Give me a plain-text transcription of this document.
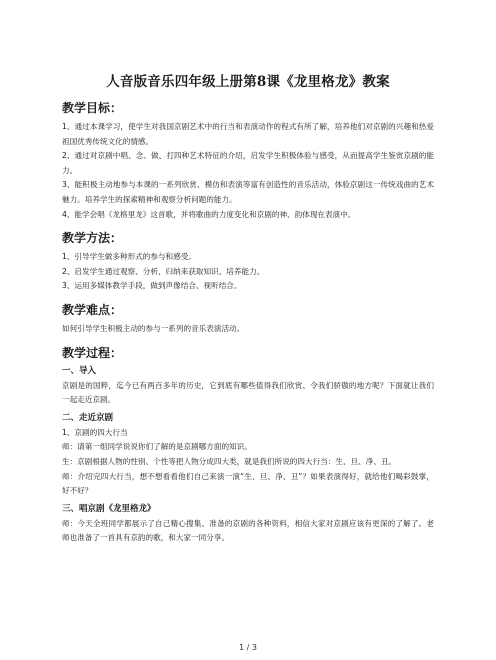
人音版音乐四年级上册第8课《龙里格龙》教案
教学目标：

1、通过本课学习，使学生对我国京剧艺术中的行当和表演动作的程式有所了解，培养他们对京剧的兴趣和热爱祖国优秀传统文化的情感。

2、通过对京剧中唱、念、做、打四种艺术特征的介绍，启发学生积极体验与感受，从而提高学生鉴赏京剧的能力。

3、能积极主动地参与本课的一系列欣赏、模仿和表演等富有创造性的音乐活动，体验京剧这一传统戏曲的艺术魅力。培养学生的探索精神和观察分析问题的能力。

4、能学会唱《龙格里龙》这首歌，并将歌曲的力度变化和京剧的神、韵体现在表演中。

教学方法：

1、引导学生做多种形式的参与和感受。

2、启发学生通过观察、分析、归纳来获取知识、培养能力。

3、运用多媒体教学手段，做到声像结合、视听结合。

教学难点：

如何引导学生积极主动的参与一系列的音乐表演活动。

教学过程：
一、导入

京剧是的国粹，迄今已有两百多年的历史，它到底有哪些值得我们欣赏、令我们骄傲的地方呢？下面就让我们一起走近京剧。

二、走近京剧

1、京剧的四大行当

师：请第一组同学说说你们了解的是京剧哪方面的知识。

生：京剧根据人物的性别、个性等把人物分成四大类，就是我们所说的四大行当：生、旦、净、丑。

师：介绍完四大行当，想不想看看他们自己来演一演“生、旦、净、丑”？如果表演得好，就给他们喝彩鼓掌，好不好？

三、唱京剧《龙里格龙》

师：今天全班同学都展示了自己精心搜集、准备的京剧的各种资料，相信大家对京剧应该有更深的了解了。老师也准备了一首具有京韵的歌，和大家一同分享。

1 / 3
